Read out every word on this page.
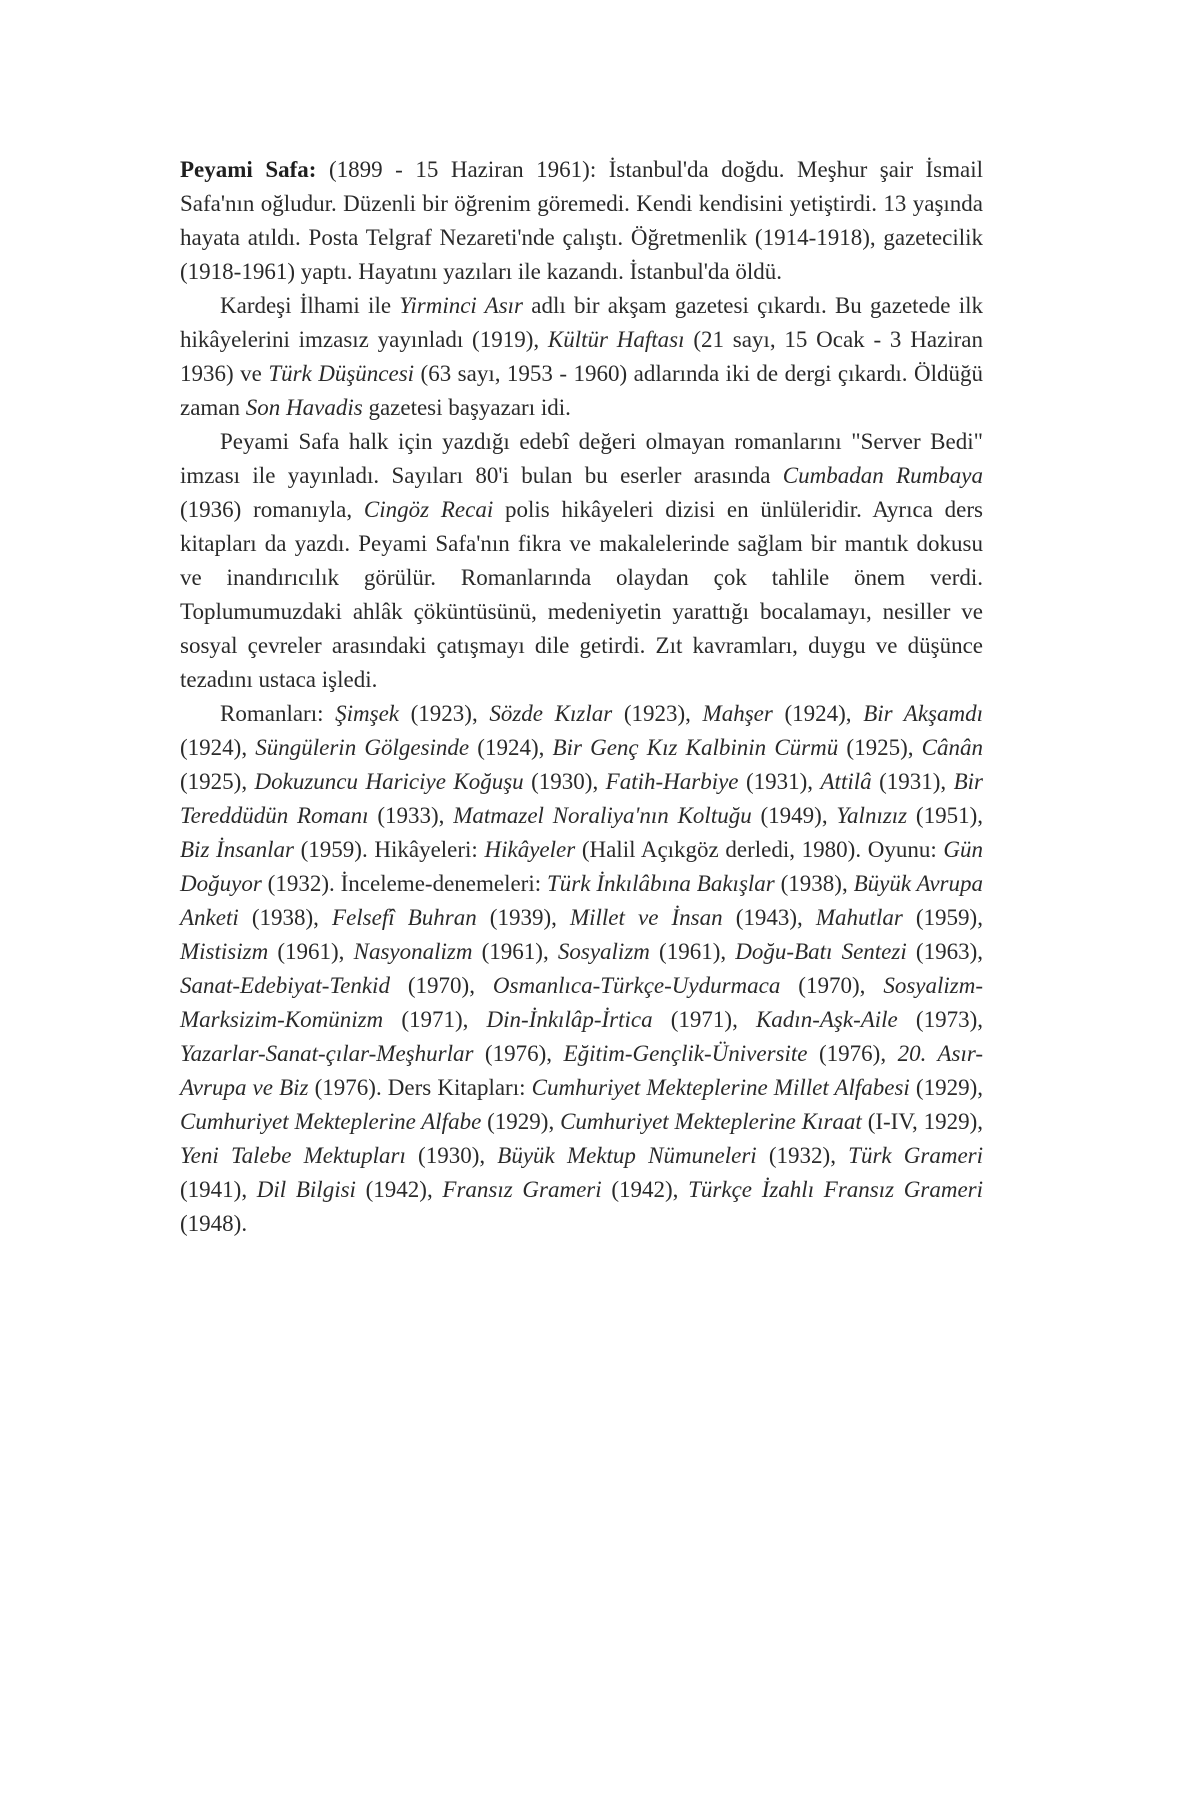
Peyami Safa: (1899 - 15 Haziran 1961): İstanbul'da doğdu. Meşhur şair İsmail Safa'nın oğludur. Düzenli bir öğrenim göremedi. Kendi kendisini yetiştirdi. 13 yaşında hayata atıldı. Posta Telgraf Nezareti'nde çalıştı. Öğretmenlik (1914-1918), gazetecilik (1918-1961) yaptı. Hayatını yazıları ile kazandı. İstanbul'da öldü.

Kardeşi İlhami ile Yirminci Asır adlı bir akşam gazetesi çıkardı. Bu gazetede ilk hikâyelerini imzasız yayınladı (1919), Kültür Haftası (21 sayı, 15 Ocak - 3 Haziran 1936) ve Türk Düşüncesi (63 sayı, 1953 - 1960) adlarında iki de dergi çıkardı. Öldüğü zaman Son Havadis gazetesi başyazarı idi.

Peyami Safa halk için yazdığı edebî değeri olmayan romanlarını "Server Bedi" imzası ile yayınladı. Sayıları 80'i bulan bu eserler arasında Cumbadan Rumbaya (1936) romanıyla, Cingöz Recai polis hikâyeleri dizisi en ünlüleridir. Ayrıca ders kitapları da yazdı. Peyami Safa'nın fikra ve makalelerinde sağlam bir mantık dokusu ve inandırıcılık görülür. Romanlarında olaydan çok tahlile önem verdi. Toplumumuzdaki ahlâk çöküntüsünü, medeniyetin yarattığı bocalamayı, nesiller ve sosyal çevreler arasındaki çatışmayı dile getirdi. Zıt kavramları, duygu ve düşünce tezadını ustaca işledi.

Romanları: Şimşek (1923), Sözde Kızlar (1923), Mahşer (1924), Bir Akşamdı (1924), Süngülerin Gölgesinde (1924), Bir Genç Kız Kalbinin Cürmü (1925), Cânân (1925), Dokuzuncu Hariciye Koğuşu (1930), Fatih-Harbiye (1931), Attilâ (1931), Bir Tereddüdün Romanı (1933), Matmazel Noraliya'nın Koltuğu (1949), Yalnızız (1951), Biz İnsanlar (1959). Hikâyeleri: Hikâyeler (Halil Açıkgöz derledi, 1980). Oyunu: Gün Doğuyor (1932). İnceleme-denemeleri: Türk İnkılâbına Bakışlar (1938), Büyük Avrupa Anketi (1938), Felsefî Buhran (1939), Millet ve İnsan (1943), Mahutlar (1959), Mistisizm (1961), Nasyonalizm (1961), Sosyalizm (1961), Doğu-Batı Sentezi (1963), Sanat-Edebiyat-Tenkid (1970), Osmanlıca-Türkçe-Uydurmaca (1970), Sosyalizm-Marksizim-Komünizm (1971), Din-İnkılâp-İrtica (1971), Kadın-Aşk-Aile (1973), Yazarlar-Sanat-çılar-Meşhurlar (1976), Eğitim-Gençlik-Üniversite (1976), 20. Asır-Avrupa ve Biz (1976). Ders Kitapları: Cumhuriyet Mekteplerine Millet Alfabesi (1929), Cumhuriyet Mekteplerine Alfabe (1929), Cumhuriyet Mekteplerine Kıraat (I-IV, 1929), Yeni Talebe Mektupları (1930), Büyük Mektup Nümuneleri (1932), Türk Grameri (1941), Dil Bilgisi (1942), Fransız Grameri (1942), Türkçe İzahlı Fransız Grameri (1948).
